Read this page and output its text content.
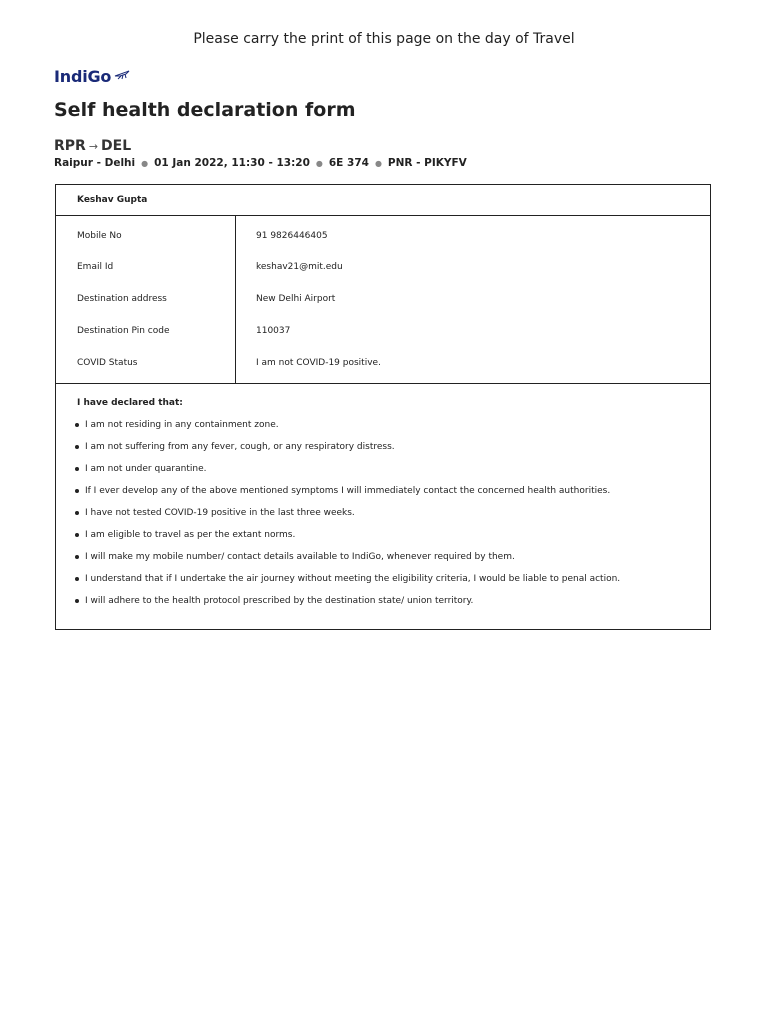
Please carry the print of this page on the day of Travel
IndiGo
Self health declaration form
RPR → DEL
Raipur - Delhi ● 01 Jan 2022, 11:30 - 13:20 ● 6E 374 ● PNR - PIKYFV
Keshav Gupta
Mobile No	91 9826446405
Email Id	keshav21@mit.edu
Destination address	New Delhi Airport
Destination Pin code	110037
COVID Status	I am not COVID-19 positive.
I have declared that:
I am not residing in any containment zone.
I am not suffering from any fever, cough, or any respiratory distress.
I am not under quarantine.
If I ever develop any of the above mentioned symptoms I will immediately contact the concerned health authorities.
I have not tested COVID-19 positive in the last three weeks.
I am eligible to travel as per the extant norms.
I will make my mobile number/ contact details available to IndiGo, whenever required by them.
I understand that if I undertake the air journey without meeting the eligibility criteria, I would be liable to penal action.
I will adhere to the health protocol prescribed by the destination state/ union territory.
